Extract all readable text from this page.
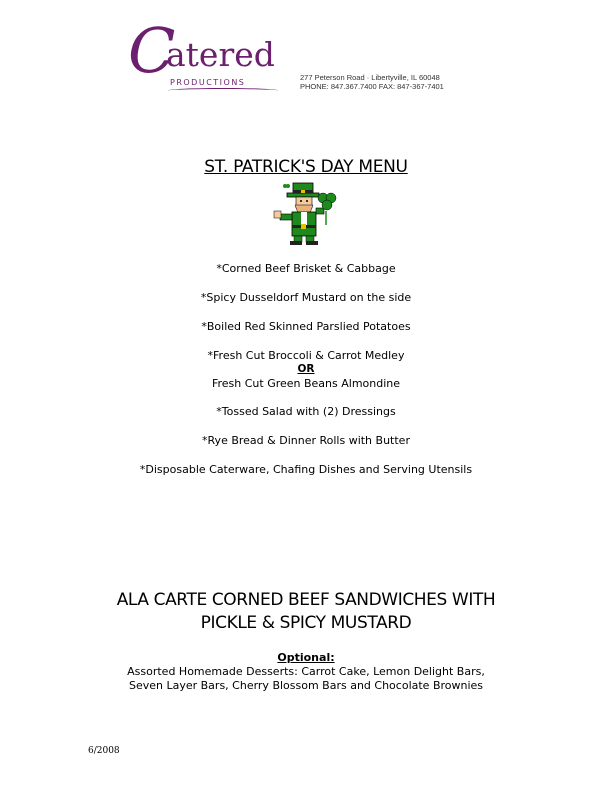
C
atered
PRODUCTIONS
277 Peterson Road · Libertyville, IL 60048
PHONE: 847.367.7400 FAX: 847-367-7401
ST. PATRICK'S DAY MENU
*Corned Beef Brisket & Cabbage
*Spicy Dusseldorf Mustard on the side
*Boiled Red Skinned Parslied Potatoes
*Fresh Cut Broccoli & Carrot Medley
OR
Fresh Cut Green Beans Almondine
*Tossed Salad with (2) Dressings
*Rye Bread & Dinner Rolls with Butter
*Disposable Caterware, Chafing Dishes and Serving Utensils
ALA CARTE CORNED BEEF SANDWICHES WITH
PICKLE & SPICY MUSTARD
Optional:
Assorted Homemade Desserts: Carrot Cake, Lemon Delight Bars,
Seven Layer Bars, Cherry Blossom Bars and Chocolate Brownies
6/2008
